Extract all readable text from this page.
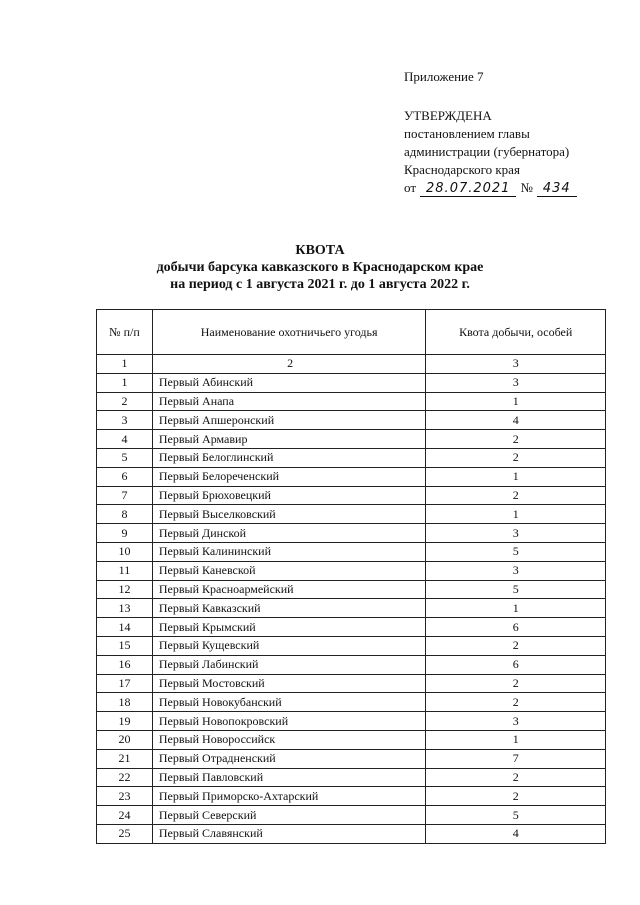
Приложение 7
УТВЕРЖДЕНА
постановлением главы
администрации (губернатора)
Краснодарского края
от 28.07.2021 № 434
КВОТА
добычи барсука кавказского в Краснодарском крае
на период с 1 августа 2021 г. до 1 августа 2022 г.
№ п/п	Наименование охотничьего угодья	Квота добычи, особей
1	2	3
1	Первый Абинский	3
2	Первый Анапа	1
3	Первый Апшеронский	4
4	Первый Армавир	2
5	Первый Белоглинский	2
6	Первый Белореченский	1
7	Первый Брюховецкий	2
8	Первый Выселковский	1
9	Первый Динской	3
10	Первый Калининский	5
11	Первый Каневской	3
12	Первый Красноармейский	5
13	Первый Кавказский	1
14	Первый Крымский	6
15	Первый Кущевский	2
16	Первый Лабинский	6
17	Первый Мостовский	2
18	Первый Новокубанский	2
19	Первый Новопокровский	3
20	Первый Новороссийск	1
21	Первый Отрадненский	7
22	Первый Павловский	2
23	Первый Приморско-Ахтарский	2
24	Первый Северский	5
25	Первый Славянский	4
